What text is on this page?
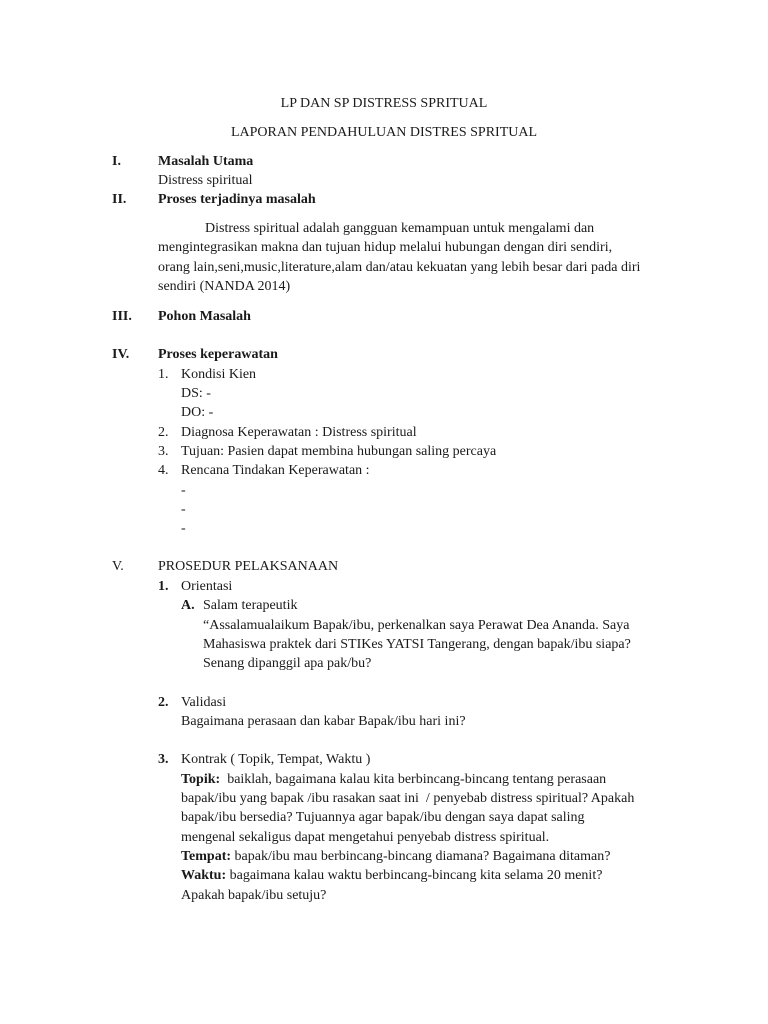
LP DAN SP DISTRESS SPRITUAL
LAPORAN PENDAHULUAN DISTRES SPRITUAL
I.	Masalah Utama
Distress spiritual
II. Proses terjadinya masalah
Distress spiritual adalah gangguan kemampuan untuk mengalami dan
mengintegrasikan makna dan tujuan hidup melalui hubungan dengan diri sendiri,
orang lain,seni,music,literature,alam dan/atau kekuatan yang lebih besar dari pada diri
sendiri (NANDA 2014)
III. Pohon Masalah
IV. Proses keperawatan
1. Kondisi Kien
DS: -
DO: -
2. Diagnosa Keperawatan : Distress spiritual
3. Tujuan: Pasien dapat membina hubungan saling percaya
4. Rencana Tindakan Keperawatan :
-
-
-
V. PROSEDUR PELAKSANAAN
1. Orientasi
A. Salam terapeutik
“Assalamualaikum Bapak/ibu, perkenalkan saya Perawat Dea Ananda. Saya
Mahasiswa praktek dari STIKes YATSI Tangerang, dengan bapak/ibu siapa?
Senang dipanggil apa pak/bu?
2. Validasi
Bagaimana perasaan dan kabar Bapak/ibu hari ini?
3. Kontrak ( Topik, Tempat, Waktu )
Topik:  baiklah, bagaimana kalau kita berbincang-bincang tentang perasaan
bapak/ibu yang bapak /ibu rasakan saat ini  / penyebab distress spiritual? Apakah
bapak/ibu bersedia? Tujuannya agar bapak/ibu dengan saya dapat saling
mengenal sekaligus dapat mengetahui penyebab distress spiritual.
Tempat: bapak/ibu mau berbincang-bincang diamana? Bagaimana ditaman?
Waktu: bagaimana kalau waktu berbincang-bincang kita selama 20 menit?
Apakah bapak/ibu setuju?
